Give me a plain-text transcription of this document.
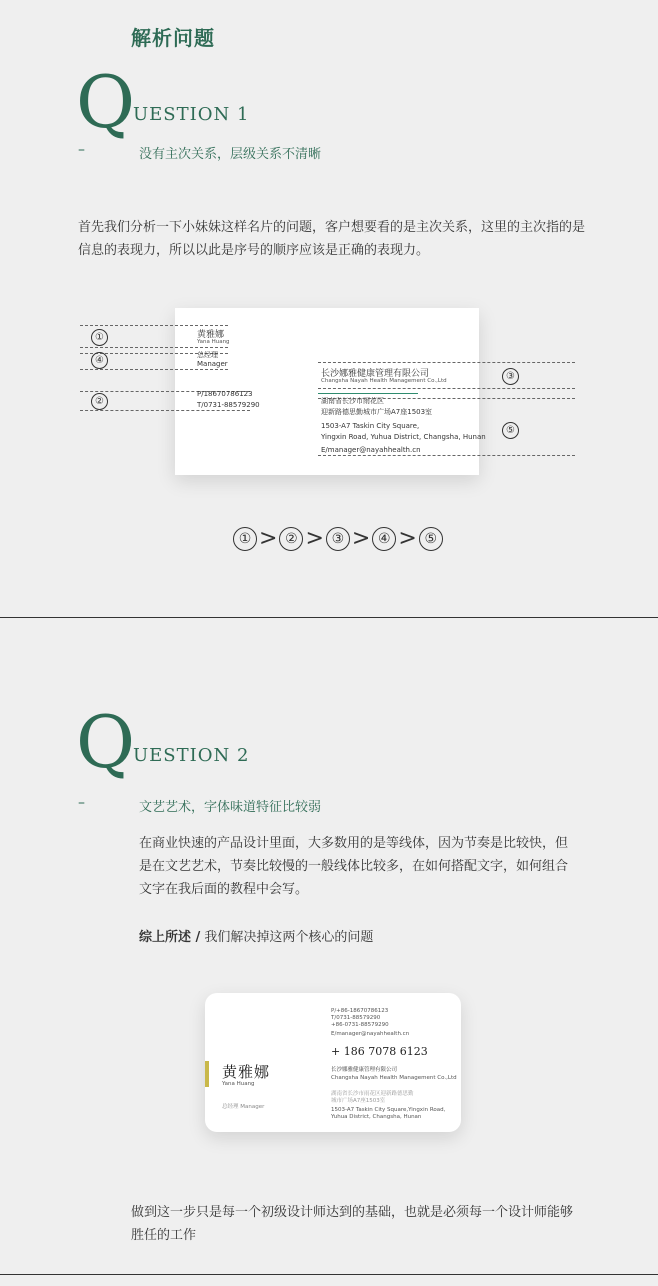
解析问题
Q
UESTION 1
–	没有主次关系，层级关系不清晰
首先我们分析一下小妹妹这样名片的问题，客户想要看的是主次关系，这里的主次指的是信息的表现力，所以以此是序号的顺序应该是正确的表现力。
①
④
②
③
⑤
黄雅娜
Yana Huang
总经理
Manager
P/18670786123
T/0731-88579290
长沙娜雅健康管理有限公司
Changsha Nayah Health Management Co.,Ltd
湖南省长沙市雨花区
迎新路德思勤城市广场A7座1503室
1503-A7 Taskin City Square,
Yingxin Road, Yuhua District, Changsha, Hunan
E/manager@nayahhealth.cn
① > ② > ③ > ④ > ⑤
Q
UESTION 2
–	文艺艺术，字体味道特征比较弱
在商业快速的产品设计里面，大多数用的是等线体，因为节奏是比较快，但是在文艺艺术，节奏比较慢的一般线体比较多，在如何搭配文字，如何组合文字在我后面的教程中会写。
综上所述 / 我们解决掉这两个核心的问题
P/+86-18670786123
T/0731-88579290
+86-0731-88579290
E/manager@nayahhealth.cn
+ 186 7078 6123
长沙娜雅健康管理有限公司
Changsha Nayah Health Management Co.,Ltd
湖南省长沙市雨花区迎新路德思勤
城市广场A7座1503室
1503-A7 Taskin City Square,Yingxin Road,
Yuhua District, Changsha, Hunan
黄雅娜
Yana Huang
总经理 Manager
做到这一步只是每一个初级设计师达到的基础，也就是必须每一个设计师能够胜任的工作
